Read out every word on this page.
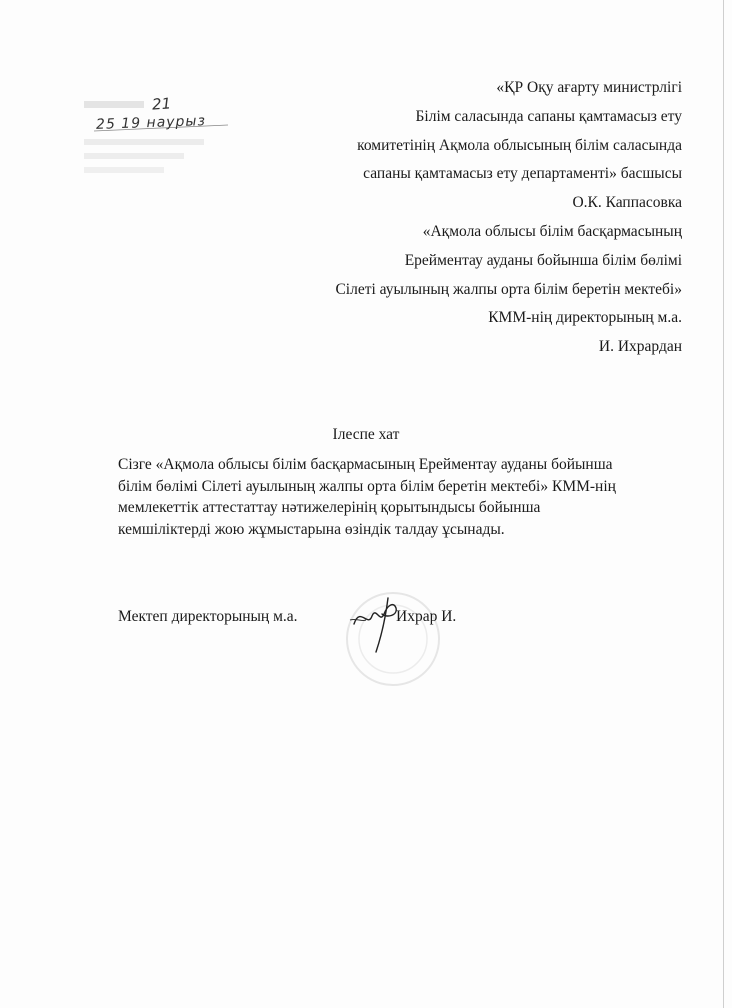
21
25 19 наурыз
«ҚР Оқу ағарту министрлігі
Білім саласында сапаны қамтамасыз ету
комитетінің Ақмола облысының білім саласында
сапаны қамтамасыз ету департаменті» басшысы
О.К. Каппасовка
«Ақмола облысы білім басқармасының
Ерейментау ауданы бойынша білім бөлімі
Сілеті ауылының жалпы орта білім беретін мектебі»
КММ-нің директорының м.а.
И. Ихрардан
Ілеспе хат
Сізге «Ақмола облысы білім басқармасының Ерейментау ауданы бойынша
білім бөлімі Сілеті ауылының жалпы орта білім беретін мектебі» КММ-нің
мемлекеттік аттестаттау нәтижелерінің қорытындысы бойынша
кемшіліктерді жою жұмыстарына өзіндік талдау ұсынады.
Мектеп директорының м.а.	Ихрар И.
